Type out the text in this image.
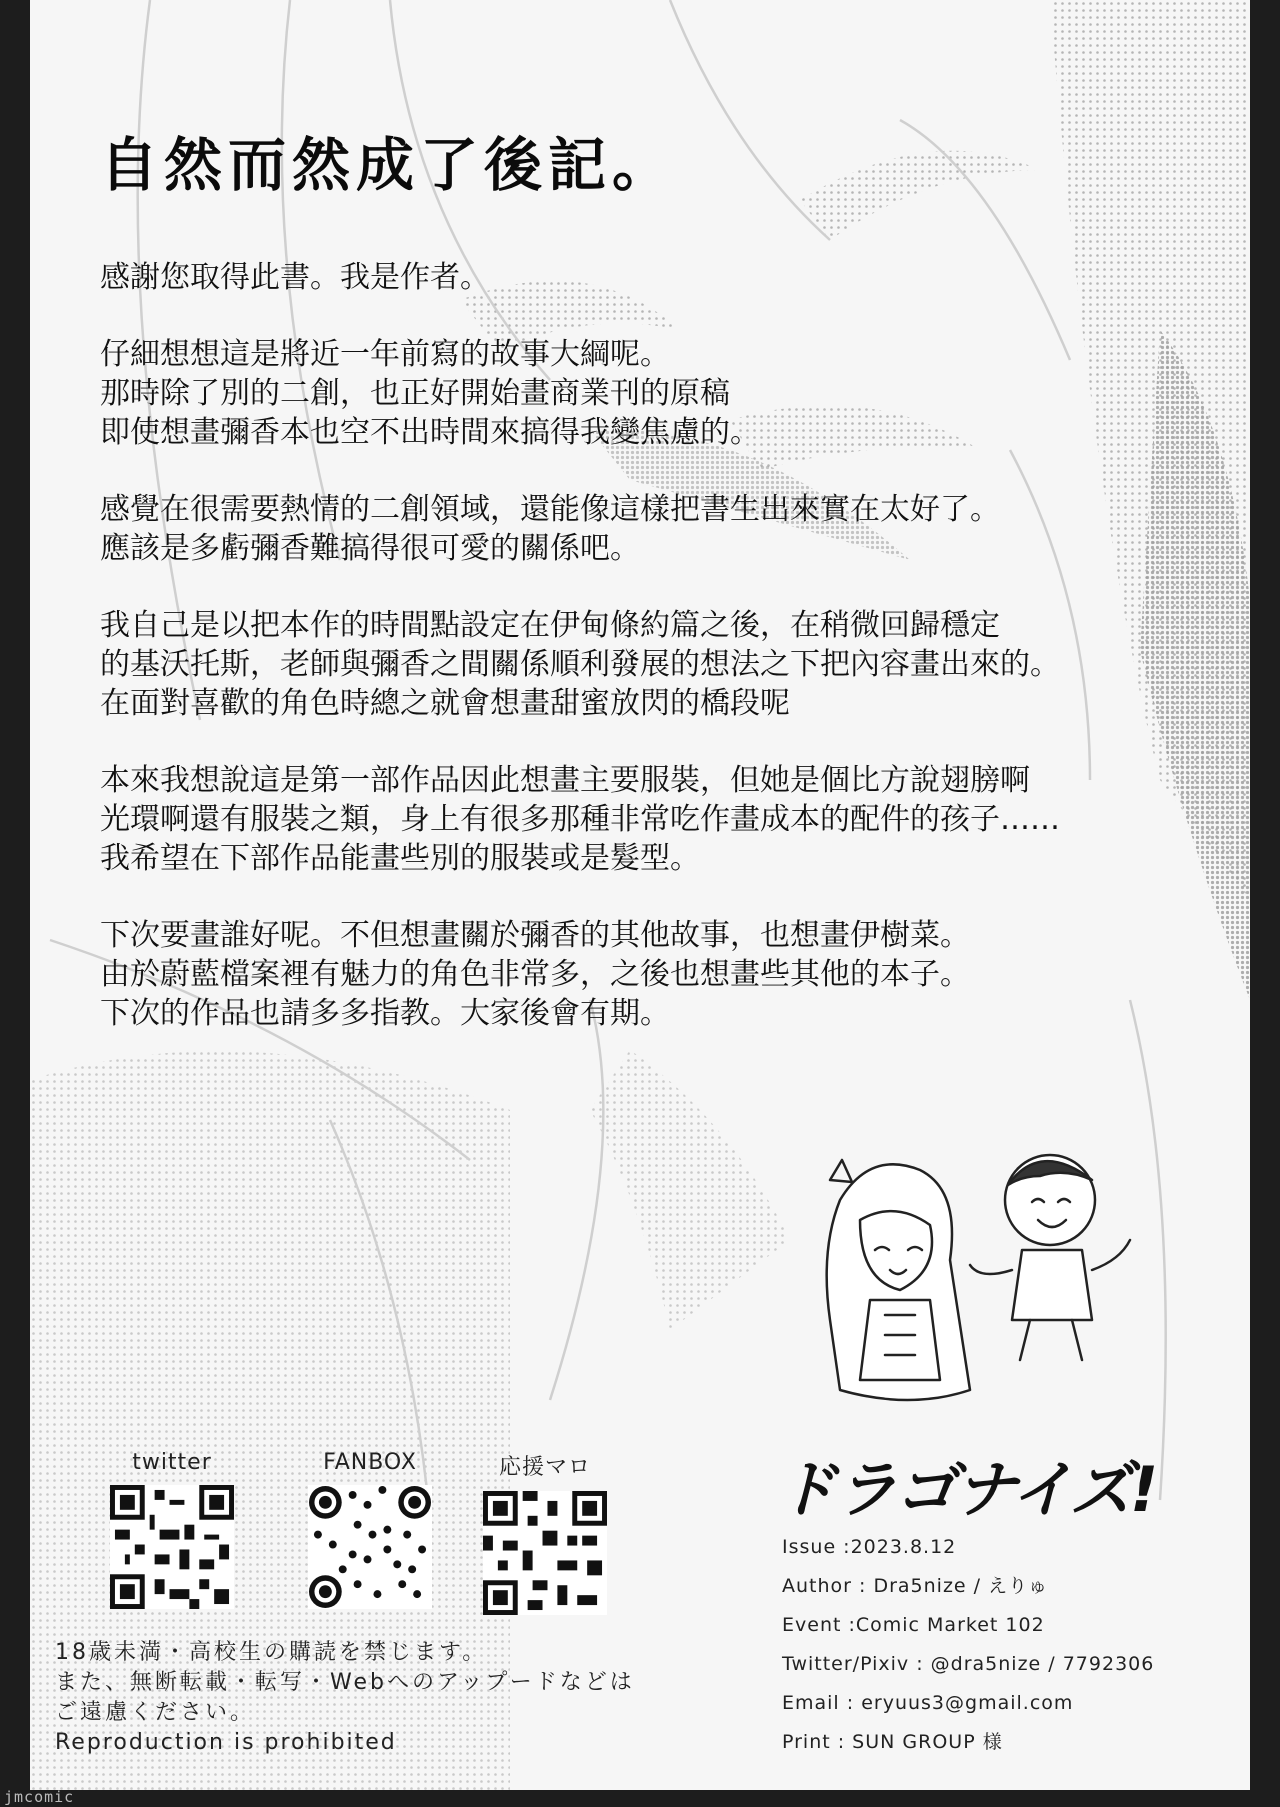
自然而然成了後記。

感謝您取得此書。我是作者。

仔細想想這是將近一年前寫的故事大綱呢。
那時除了別的二創，也正好開始畫商業刊的原稿
即使想畫彌香本也空不出時間來搞得我變焦慮的。

感覺在很需要熱情的二創領域，還能像這樣把書生出來實在太好了。
應該是多虧彌香難搞得很可愛的關係吧。

我自己是以把本作的時間點設定在伊甸條約篇之後，在稍微回歸穩定
的基沃托斯，老師與彌香之間關係順利發展的想法之下把內容畫出來的。
在面對喜歡的角色時總之就會想畫甜蜜放閃的橋段呢

本來我想說這是第一部作品因此想畫主要服裝，但她是個比方說翅膀啊
光環啊還有服裝之類，身上有很多那種非常吃作畫成本的配件的孩子……
我希望在下部作品能畫些別的服裝或是髮型。

下次要畫誰好呢。不但想畫關於彌香的其他故事，也想畫伊樹菜。
由於蔚藍檔案裡有魅力的角色非常多，之後也想畫些其他的本子。
下次的作品也請多多指教。大家後會有期。

twitter	FANBOX	応援マロ
18歳未満・高校生の購読を禁じます。
また、無断転載・転写・Webへのアップードなどは
ご遠慮ください。
Reproduction is prohibited
ドラゴナイズ!
Issue :2023.8.12
Author : Dra5nize / えりゅ
Event :Comic Market 102
Twitter/Pixiv : @dra5nize / 7792306
Email : eryuus3@gmail.com
Print : SUN GROUP 様
jmcomic
